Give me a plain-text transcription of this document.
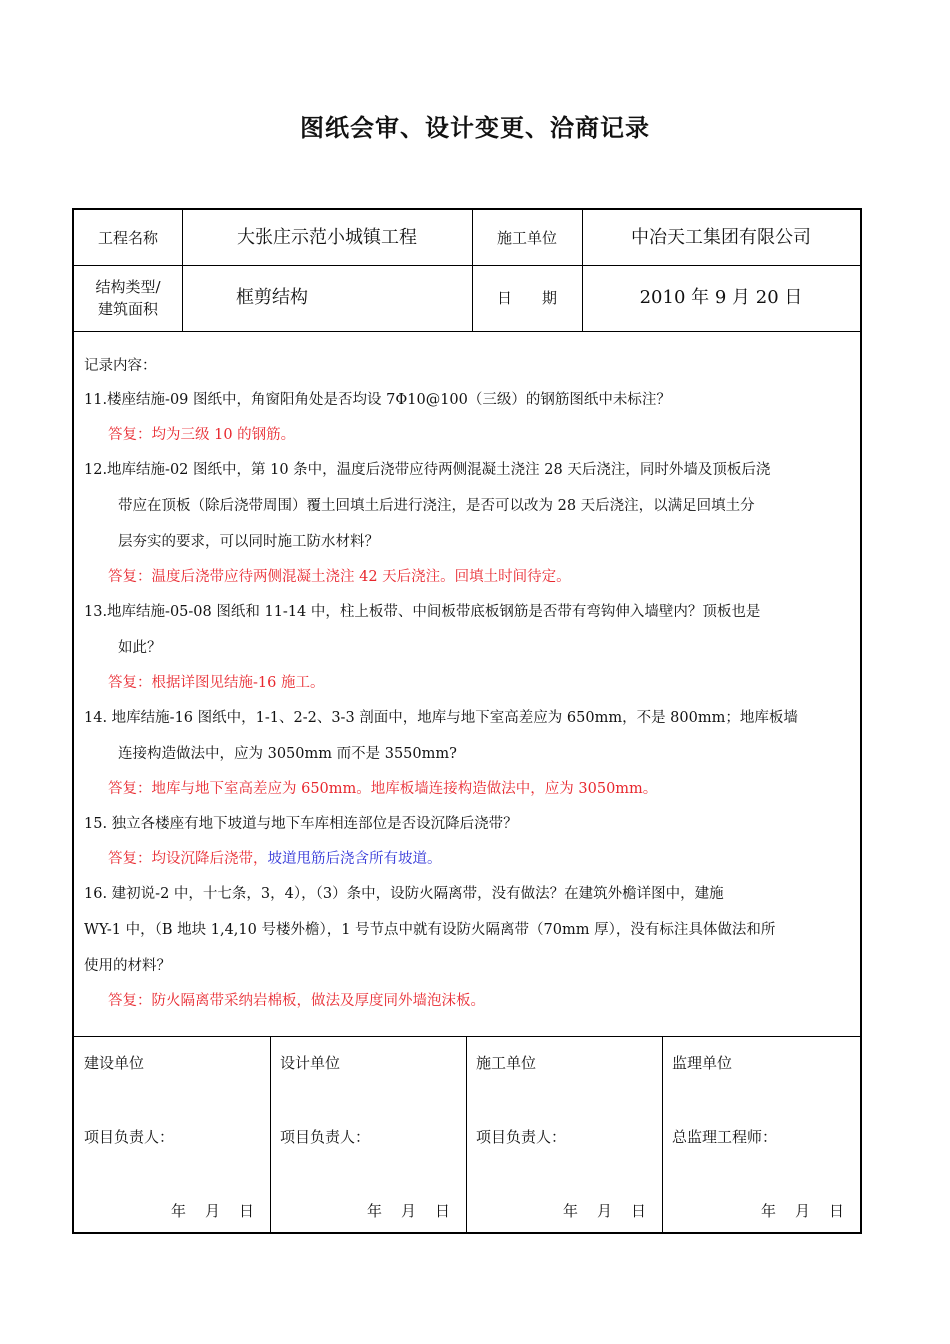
图纸会审、设计变更、洽商记录
工程名称	大张庄示范小城镇工程	施工单位	中冶天工集团有限公司
结构类型/
建筑面积
框剪结构	日　　期	2010 年 9 月 20 日
记录内容：
11.楼座结施-09 图纸中，角窗阳角处是否均设 7Φ10@100（三级）的钢筋图纸中未标注？
答复：均为三级 10 的钢筋。
12.地库结施-02 图纸中，第 10 条中，温度后浇带应待两侧混凝土浇注 28 天后浇注，同时外墙及顶板后浇
带应在顶板（除后浇带周围）覆土回填土后进行浇注，是否可以改为 28 天后浇注，以满足回填土分
层夯实的要求，可以同时施工防水材料？
答复：温度后浇带应待两侧混凝土浇注 42 天后浇注。回填土时间待定。
13.地库结施-05-08 图纸和 11-14 中，柱上板带、中间板带底板钢筋是否带有弯钩伸入墙壁内？顶板也是
如此？
答复：根据详图见结施-16 施工。
14. 地库结施-16 图纸中，1-1、2-2、3-3 剖面中，地库与地下室高差应为 650mm，不是 800mm；地库板墙
连接构造做法中，应为 3050mm 而不是 3550mm?
答复：地库与地下室高差应为 650mm。地库板墙连接构造做法中，应为 3050mm。
15. 独立各楼座有地下坡道与地下车库相连部位是否设沉降后浇带？
答复：均设沉降后浇带，坡道甩筋后浇含所有坡道。
16. 建初说-2 中，十七条，3，4），（3）条中，设防火隔离带，没有做法？在建筑外檐详图中，建施
WY-1 中，（B 地块 1,4,10 号楼外檐），1 号节点中就有设防火隔离带（70mm 厚），没有标注具体做法和所
使用的材料？
答复：防火隔离带采纳岩棉板，做法及厚度同外墙泡沫板。
建设单位
项目负责人：
年　月　日
设计单位
项目负责人：
年　月　日
施工单位
项目负责人：
年　月　日
监理单位
总监理工程师：
年　月　日
